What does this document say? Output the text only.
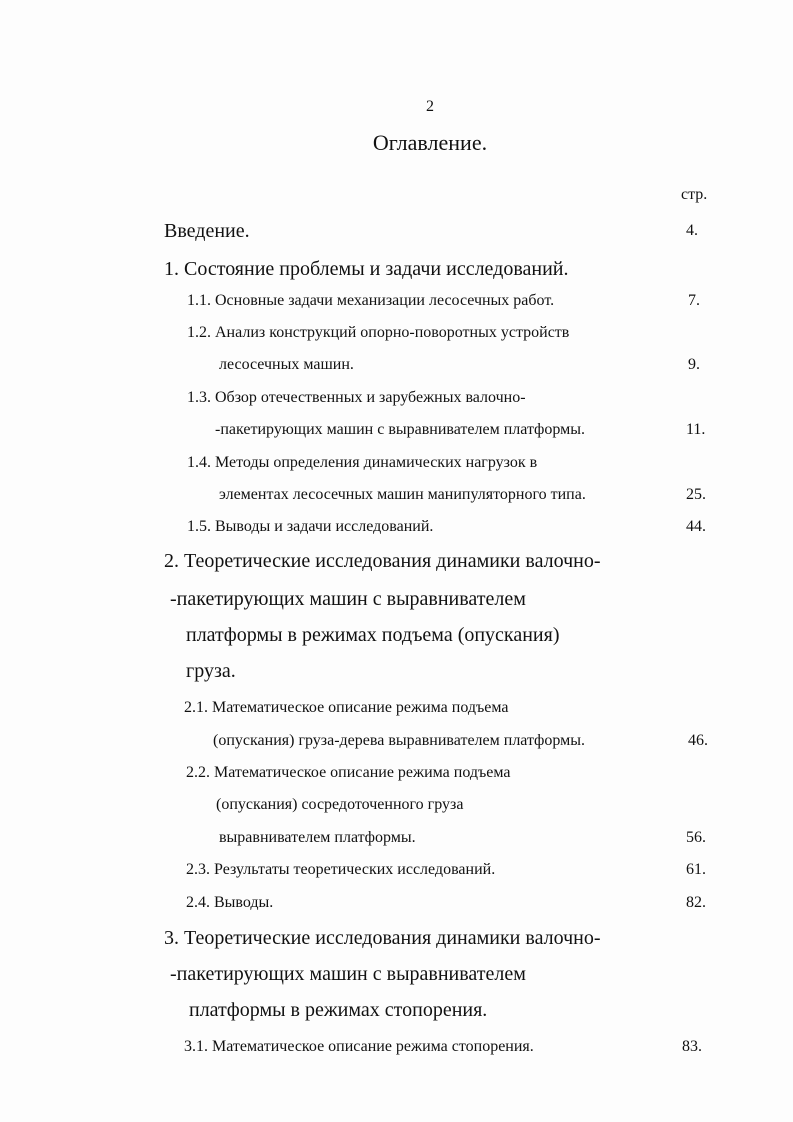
2
Оглавление.
стр.
Введение.	4.
1. Состояние проблемы и задачи исследований.
1.1. Основные задачи механизации лесосечных работ.	7.
1.2. Анализ конструкций опорно-поворотных устройств
лесосечных машин.	9.
1.3. Обзор отечественных и зарубежных валочно-
-пакетирующих машин с выравнивателем платформы.	11.
1.4. Методы определения динамических нагрузок в
элементах лесосечных машин манипуляторного типа.	25.
1.5. Выводы и задачи исследований.	44.
2. Теоретические исследования динамики валочно-
-пакетирующих машин с выравнивателем
платформы в режимах подъема (опускания)
груза.
2.1. Математическое описание режима подъема
(опускания) груза-дерева выравнивателем платформы.	46.
2.2. Математическое описание режима подъема
(опускания) сосредоточенного груза
выравнивателем платформы.	56.
2.3. Результаты теоретических исследований.	61.
2.4. Выводы.	82.
3. Теоретические исследования динамики валочно-
-пакетирующих машин с выравнивателем
платформы в режимах стопорения.
3.1. Математическое описание режима стопорения.	83.
